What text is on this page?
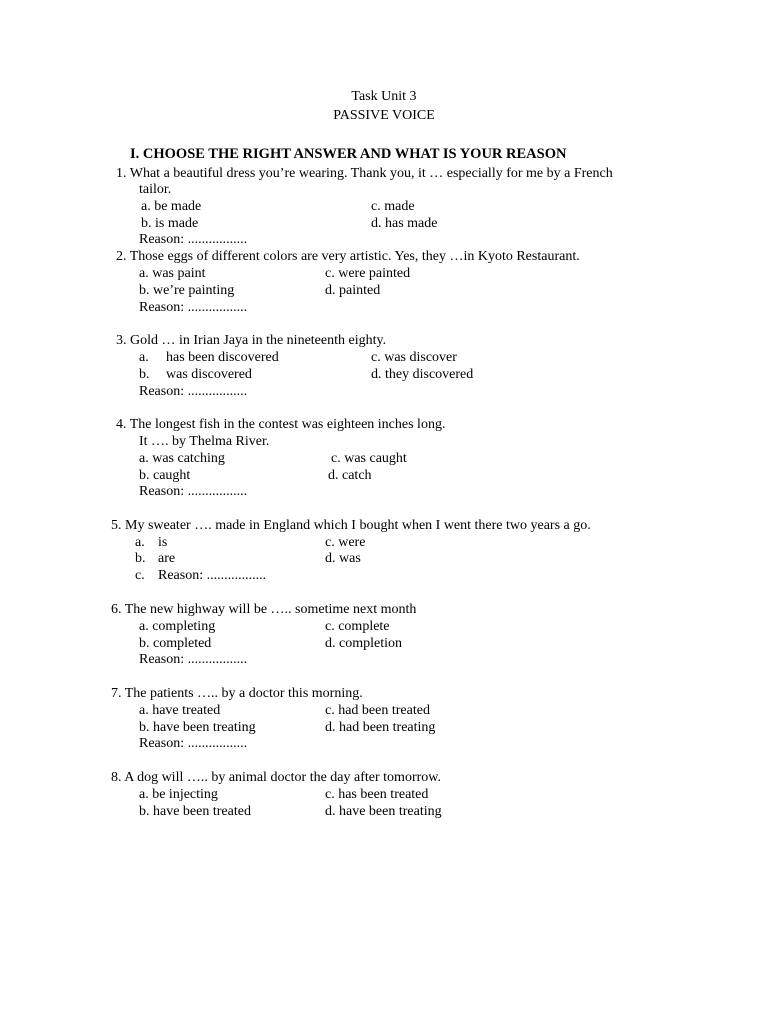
Task Unit 3
PASSIVE VOICE
I. CHOOSE THE RIGHT ANSWER AND WHAT IS YOUR REASON
1. What a beautiful dress you’re wearing. Thank you, it … especially for me by a French
tailor.
a. be made	c. made
b. is made	d. has made
Reason: .................
2. Those eggs of different colors are very artistic. Yes, they …in Kyoto Restaurant.
a. was paint	c. were painted
b. we’re painting	d. painted
Reason: .................
3. Gold … in Irian Jaya in the nineteenth eighty.
a. has been discovered	c. was discover
b. was discovered	d. they discovered
Reason: .................
4. The longest fish in the contest was eighteen inches long.
It …. by Thelma River.
a. was catching	c. was caught
b. caught	d. catch
Reason: .................
5. My sweater …. made in England which I bought when I went there two years a go.
a. is	c. were
b. are	d. was
c. Reason: .................
6. The new highway will be ….. sometime next month
a. completing	c. complete
b. completed	d. completion
Reason: .................
7. The patients ….. by a doctor this morning.
a. have treated	c. had been treated
b. have been treating	d. had been treating
Reason: .................
8. A dog will ….. by animal doctor the day after tomorrow.
a. be injecting	c. has been treated
b. have been treated	d. have been treating
